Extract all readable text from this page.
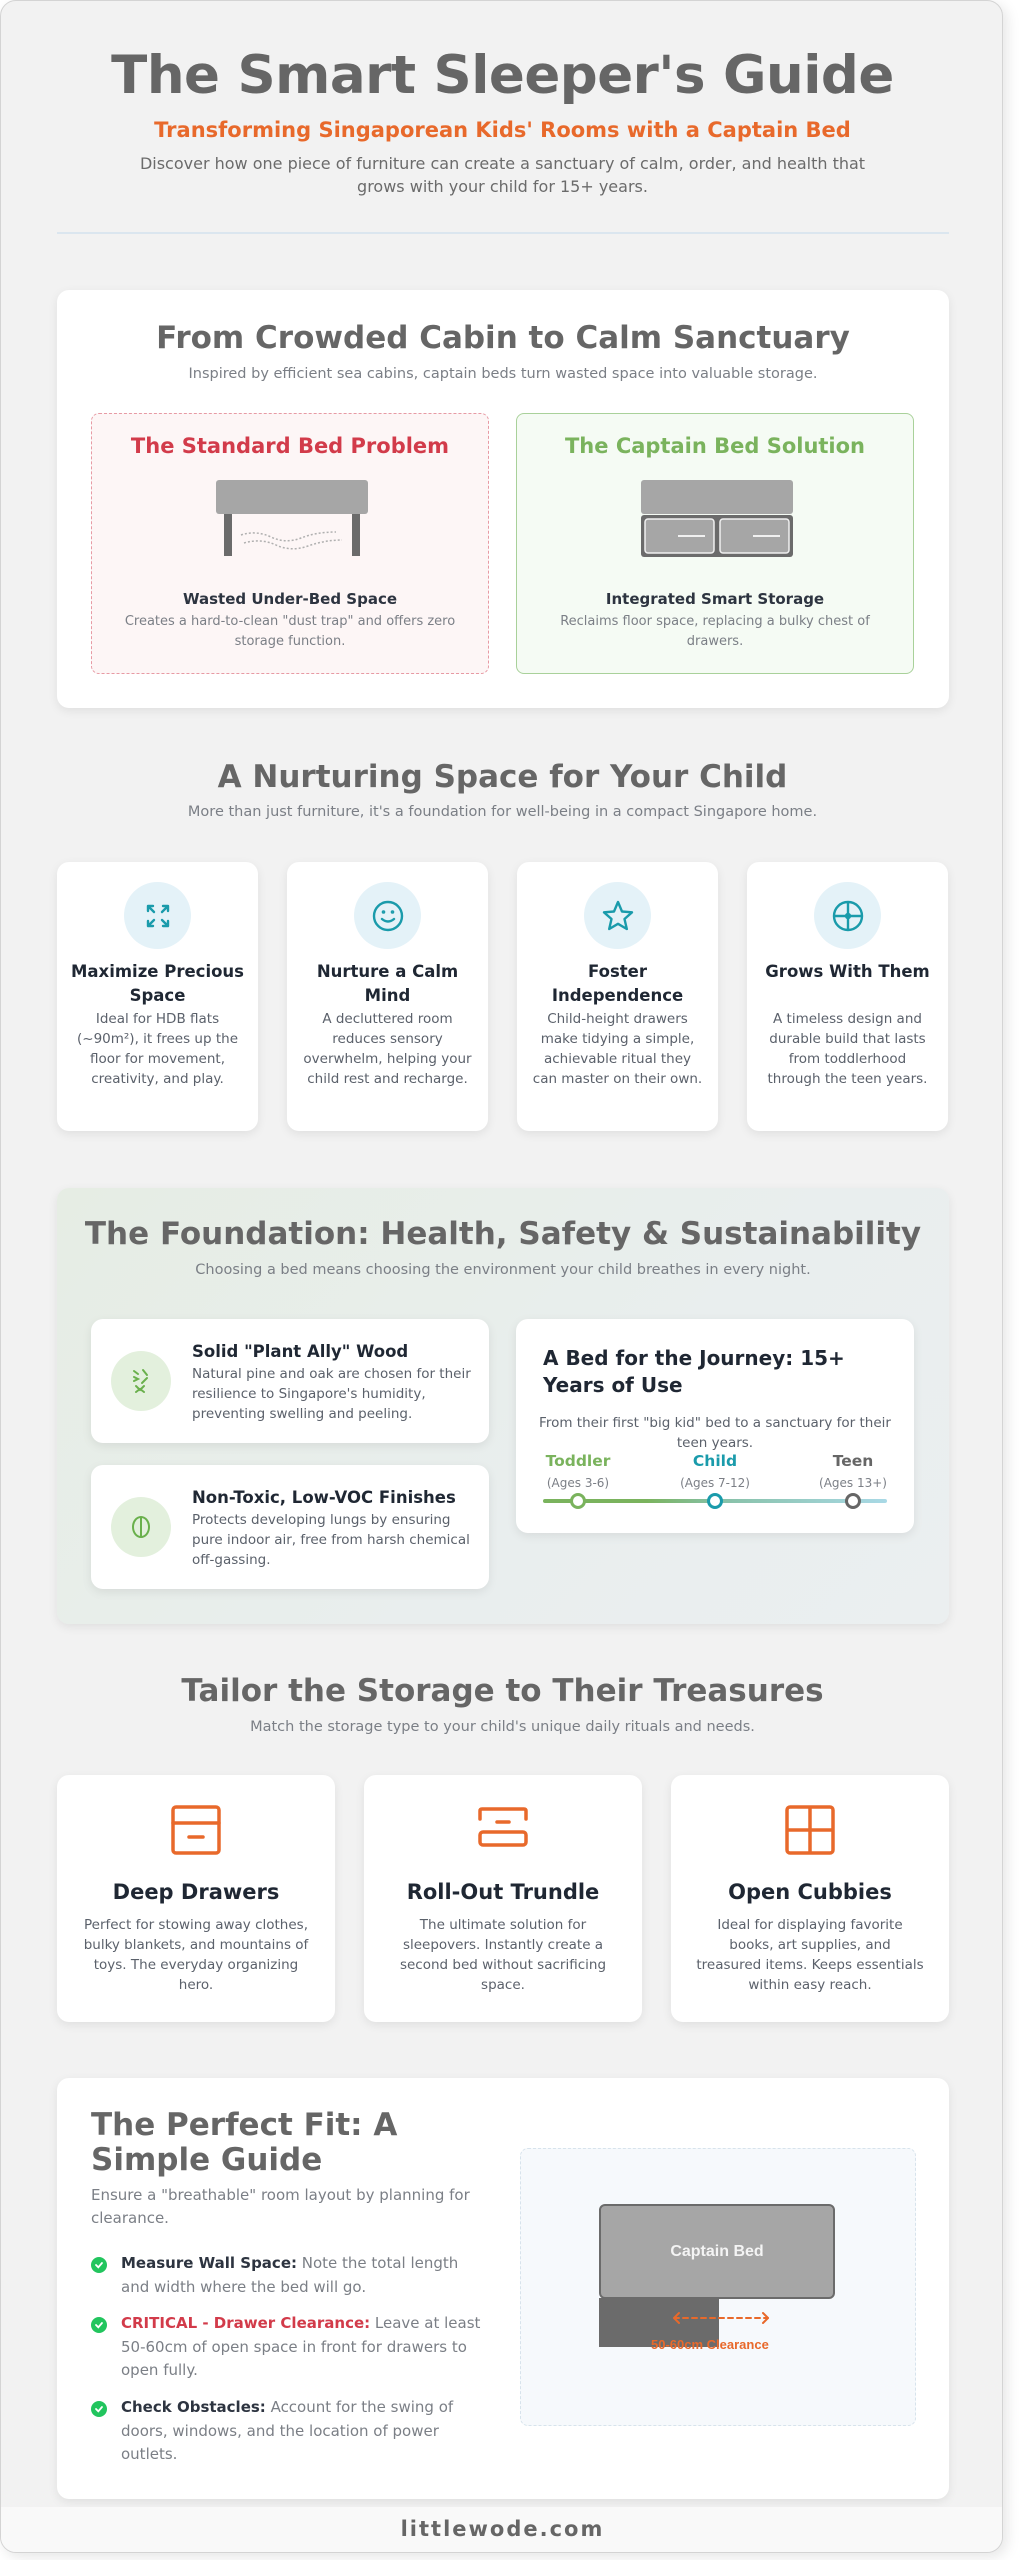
The Smart Sleeper's Guide
Transforming Singaporean Kids' Rooms with a Captain Bed
Discover how one piece of furniture can create a sanctuary of calm, order, and health that grows with your child for 15+ years.
From Crowded Cabin to Calm Sanctuary
Inspired by efficient sea cabins, captain beds turn wasted space into valuable storage.
The Standard Bed Problem
Wasted Under-Bed Space
Creates a hard-to-clean "dust trap" and offers zero storage function.
The Captain Bed Solution
Integrated Smart Storage
Reclaims floor space, replacing a bulky chest of drawers.
A Nurturing Space for Your Child
More than just furniture, it's a foundation for well-being in a compact Singapore home.
Maximize Precious Space
Ideal for HDB flats (~90m²), it frees up the floor for movement, creativity, and play.
Nurture a Calm Mind
A decluttered room reduces sensory overwhelm, helping your child rest and recharge.
Foster Independence
Child-height drawers make tidying a simple, achievable ritual they can master on their own.
Grows With Them
A timeless design and durable build that lasts from toddlerhood through the teen years.
The Foundation: Health, Safety & Sustainability
Choosing a bed means choosing the environment your child breathes in every night.
Solid "Plant Ally" Wood
Natural pine and oak are chosen for their resilience to Singapore's humidity, preventing swelling and peeling.
Non-Toxic, Low-VOC Finishes
Protects developing lungs by ensuring pure indoor air, free from harsh chemical off-gassing.
A Bed for the Journey: 15+ Years of Use
From their first "big kid" bed to a sanctuary for their teen years.
Toddler
(Ages 3-6)
Child
(Ages 7-12)
Teen
(Ages 13+)
Tailor the Storage to Their Treasures
Match the storage type to your child's unique daily rituals and needs.
Deep Drawers
Perfect for stowing away clothes, bulky blankets, and mountains of toys. The everyday organizing hero.
Roll-Out Trundle
The ultimate solution for sleepovers. Instantly create a second bed without sacrificing space.
Open Cubbies
Ideal for displaying favorite books, art supplies, and treasured items. Keeps essentials within easy reach.
The Perfect Fit: A Simple Guide
Ensure a "breathable" room layout by planning for clearance.
Measure Wall Space: Note the total length and width where the bed will go.
CRITICAL - Drawer Clearance: Leave at least 50-60cm of open space in front for drawers to open fully.
Check Obstacles: Account for the swing of doors, windows, and the location of power outlets.
Captain Bed
50-60cm Clearance
littlewode.com
